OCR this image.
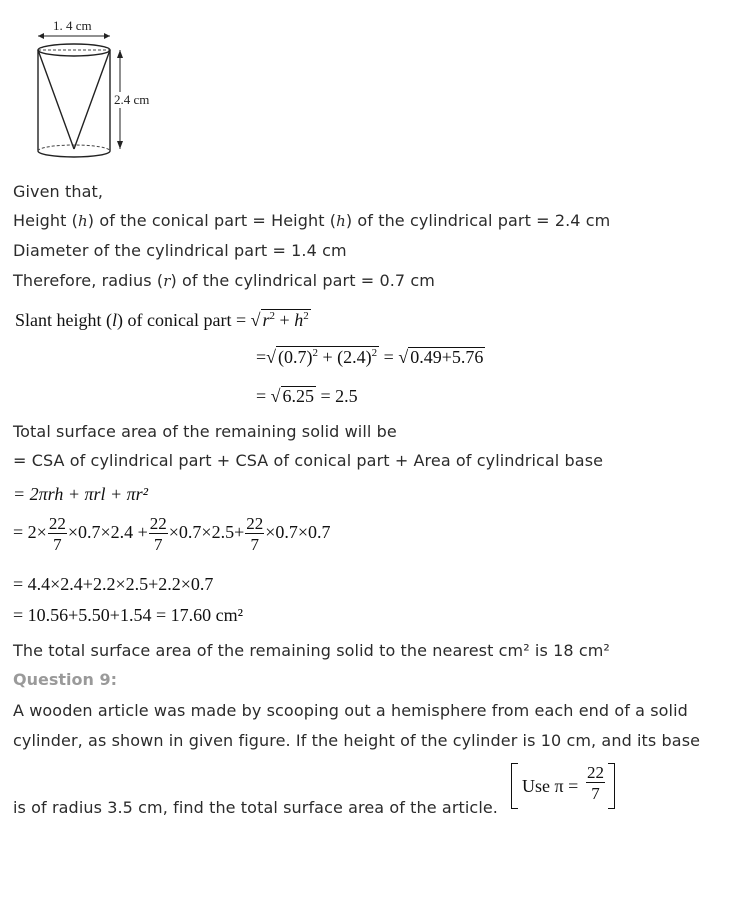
1. 4 cm
2.4 cm
Given that,
Height (h) of the conical part = Height (h) of the cylindrical part = 2.4 cm
Diameter of the cylindrical part = 1.4 cm
Therefore, radius (r) of the cylindrical part = 0.7 cm
Slant height (l) of conical part = √ $r^2 + h^2$
=√ $(0.7)^2 + (2.4)^2$ = √ 0.49+5.76
= √ 6.25 = 2.5
Total surface area of the remaining solid will be
= CSA of cylindrical part + CSA of conical part + Area of cylindrical base
= 2πrh + πrl + πr²
= $2\times \frac{22}{7} \times 0.7\times 2.4 + \frac{22}{7} \times 0.7\times 2.5+ \frac{22}{7} \times 0.7\times 0.7$
= 4.4×2.4+2.2×2.5+2.2×0.7
= 10.56+5.50+1.54 = 17.60 cm²
The total surface area of the remaining solid to the nearest cm² is 18 cm²
Question 9:
A wooden article was made by scooping out a hemisphere from each end of a solid
cylinder, as shown in given figure. If the height of the cylinder is 10 cm, and its base
is of radius 3.5 cm, find the total surface area of the article.
Use $\pi = \frac{22}{7}$
